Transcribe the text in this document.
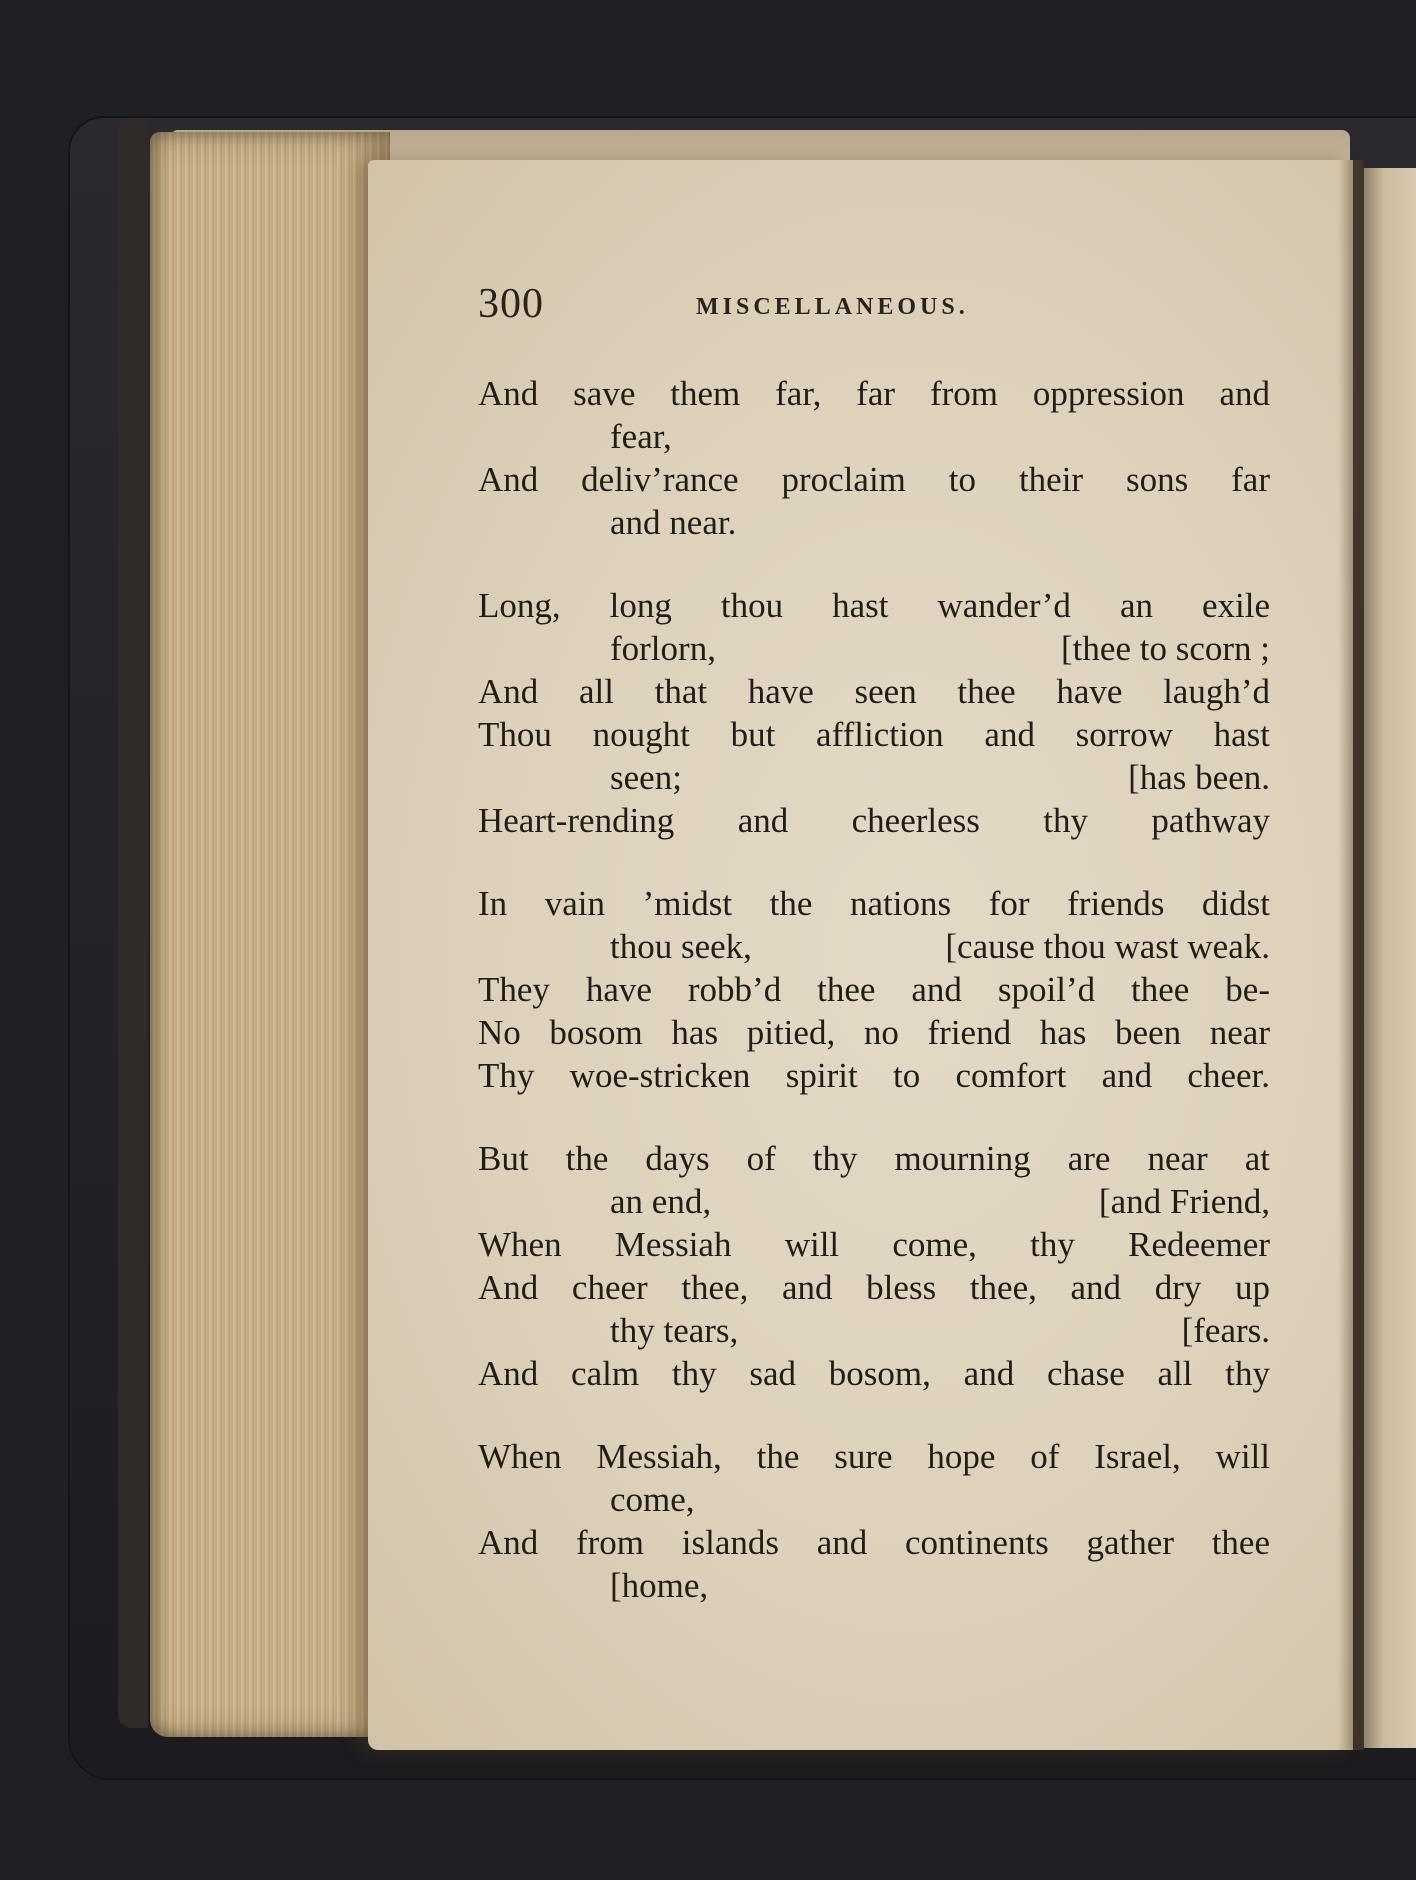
300	MISCELLANEOUS.
And save them far, far from oppression and
fear,
And deliv’rance proclaim to their sons far
and near.
Long, long thou hast wander’d an exile
forlorn,	[thee to scorn ;
And all that have seen thee have laugh’d
Thou nought but affliction and sorrow hast
seen;	[has been.
Heart-rending and cheerless thy pathway
In vain ’midst the nations for friends didst
thou seek,	[cause thou wast weak.
They have robb’d thee and spoil’d thee be-
No bosom has pitied, no friend has been near
Thy woe-stricken spirit to comfort and cheer.
But the days of thy mourning are near at
an end,	[and Friend,
When Messiah will come, thy Redeemer
And cheer thee, and bless thee, and dry up
thy tears,	[fears.
And calm thy sad bosom, and chase all thy
When Messiah, the sure hope of Israel, will
come,
And from islands and continents gather thee
[home,
